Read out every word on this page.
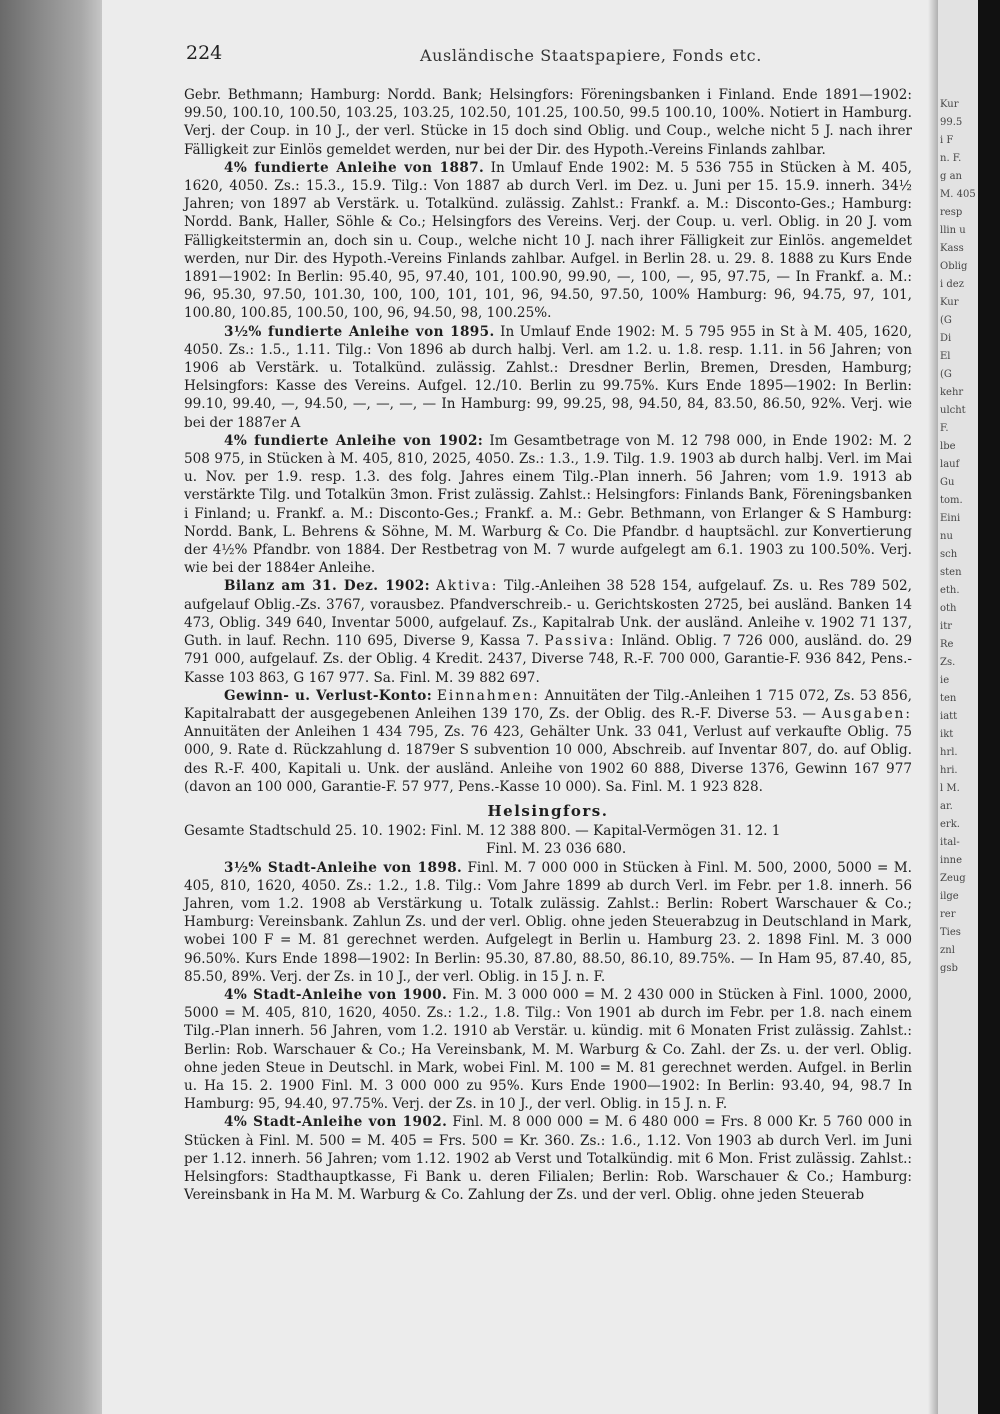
224	Ausländische Staatspapiere, Fonds etc.

Gebr. Bethmann; Hamburg: Nordd. Bank; Helsingfors: Föreningsbanken i Finland. Ende 1891—1902: 99.50, 100.10, 100.50, 103.25, 103.25, 102.50, 101.25, 100.50, 99.5 100.10, 100%. Notiert in Hamburg. Verj. der Coup. in 10 J., der verl. Stücke in 15 doch sind Oblig. und Coup., welche nicht 5 J. nach ihrer Fälligkeit zur Einlös gemeldet werden, nur bei der Dir. des Hypoth.-Vereins Finlands zahlbar.

4% fundierte Anleihe von 1887. In Umlauf Ende 1902: M. 5 536 755 in Stücken à M. 405, 1620, 4050. Zs.: 15.3., 15.9. Tilg.: Von 1887 ab durch Verl. im Dez. u. Juni per 15. 15.9. innerh. 34½ Jahren; von 1897 ab Verstärk. u. Totalkünd. zulässig. Zahlst.: Frankf. a. M.: Disconto-Ges.; Hamburg: Nordd. Bank, Haller, Söhle & Co.; Helsingfors des Vereins. Verj. der Coup. u. verl. Oblig. in 20 J. vom Fälligkeitstermin an, doch sin u. Coup., welche nicht 10 J. nach ihrer Fälligkeit zur Einlös. angemeldet werden, nur Dir. des Hypoth.-Vereins Finlands zahlbar. Aufgel. in Berlin 28. u. 29. 8. 1888 zu Kurs Ende 1891—1902: In Berlin: 95.40, 95, 97.40, 101, 100.90, 99.90, —, 100, —, 95, 97.75, — In Frankf. a. M.: 96, 95.30, 97.50, 101.30, 100, 100, 101, 101, 96, 94.50, 97.50, 100% Hamburg: 96, 94.75, 97, 101, 100.80, 100.85, 100.50, 100, 96, 94.50, 98, 100.25%.

3½% fundierte Anleihe von 1895. In Umlauf Ende 1902: M. 5 795 955 in St à M. 405, 1620, 4050. Zs.: 1.5., 1.11. Tilg.: Von 1896 ab durch halbj. Verl. am 1.2. u. 1.8. resp. 1.11. in 56 Jahren; von 1906 ab Verstärk. u. Totalkünd. zulässig. Zahlst.: Dresdner Berlin, Bremen, Dresden, Hamburg; Helsingfors: Kasse des Vereins. Aufgel. 12./10. Berlin zu 99.75%. Kurs Ende 1895—1902: In Berlin: 99.10, 99.40, —, 94.50, —, —, —, — In Hamburg: 99, 99.25, 98, 94.50, 84, 83.50, 86.50, 92%. Verj. wie bei der 1887er A

4% fundierte Anleihe von 1902: Im Gesamtbetrage von M. 12 798 000, in Ende 1902: M. 2 508 975, in Stücken à M. 405, 810, 2025, 4050. Zs.: 1.3., 1.9. Tilg. 1.9. 1903 ab durch halbj. Verl. im Mai u. Nov. per 1.9. resp. 1.3. des folg. Jahres einem Tilg.-Plan innerh. 56 Jahren; vom 1.9. 1913 ab verstärkte Tilg. und Totalkün 3mon. Frist zulässig. Zahlst.: Helsingfors: Finlands Bank, Föreningsbanken i Finland; u. Frankf. a. M.: Disconto-Ges.; Frankf. a. M.: Gebr. Bethmann, von Erlanger & S Hamburg: Nordd. Bank, L. Behrens & Söhne, M. M. Warburg & Co. Die Pfandbr. d hauptsächl. zur Konvertierung der 4½% Pfandbr. von 1884. Der Restbetrag von M. 7 wurde aufgelegt am 6.1. 1903 zu 100.50%. Verj. wie bei der 1884er Anleihe.

Bilanz am 31. Dez. 1902: Aktiva: Tilg.-Anleihen 38 528 154, aufgelauf. Zs. u. Res 789 502, aufgelauf Oblig.-Zs. 3767, vorausbez. Pfandverschreib.- u. Gerichtskosten 2725, bei ausländ. Banken 14 473, Oblig. 349 640, Inventar 5000, aufgelauf. Zs., Kapitalrab Unk. der ausländ. Anleihe v. 1902 71 137, Guth. in lauf. Rechn. 110 695, Diverse 9, Kassa 7. Passiva: Inländ. Oblig. 7 726 000, ausländ. do. 29 791 000, aufgelauf. Zs. der Oblig. 4 Kredit. 2437, Diverse 748, R.-F. 700 000, Garantie-F. 936 842, Pens.-Kasse 103 863, G 167 977. Sa. Finl. M. 39 882 697.

Gewinn- u. Verlust-Konto: Einnahmen: Annuitäten der Tilg.-Anleihen 1 715 072, Zs. 53 856, Kapitalrabatt der ausgegebenen Anleihen 139 170, Zs. der Oblig. des R.-F. Diverse 53. — Ausgaben: Annuitäten der Anleihen 1 434 795, Zs. 76 423, Gehälter Unk. 33 041, Verlust auf verkaufte Oblig. 75 000, 9. Rate d. Rückzahlung d. 1879er S subvention 10 000, Abschreib. auf Inventar 807, do. auf Oblig. des R.-F. 400, Kapitali u. Unk. der ausländ. Anleihe von 1902 60 888, Diverse 1376, Gewinn 167 977 (davon an 100 000, Garantie-F. 57 977, Pens.-Kasse 10 000). Sa. Finl. M. 1 923 828.

Helsingfors.

Gesamte Stadtschuld 25. 10. 1902: Finl. M. 12 388 800. — Kapital-Vermögen 31. 12. 1

Finl. M. 23 036 680.

3½% Stadt-Anleihe von 1898. Finl. M. 7 000 000 in Stücken à Finl. M. 500, 2000, 5000 = M. 405, 810, 1620, 4050. Zs.: 1.2., 1.8. Tilg.: Vom Jahre 1899 ab durch Verl. im Febr. per 1.8. innerh. 56 Jahren, vom 1.2. 1908 ab Verstärkung u. Totalk zulässig. Zahlst.: Berlin: Robert Warschauer & Co.; Hamburg: Vereinsbank. Zahlun Zs. und der verl. Oblig. ohne jeden Steuerabzug in Deutschland in Mark, wobei 100 F = M. 81 gerechnet werden. Aufgelegt in Berlin u. Hamburg 23. 2. 1898 Finl. M. 3 000 96.50%. Kurs Ende 1898—1902: In Berlin: 95.30, 87.80, 88.50, 86.10, 89.75%. — In Ham 95, 87.40, 85, 85.50, 89%. Verj. der Zs. in 10 J., der verl. Oblig. in 15 J. n. F.

4% Stadt-Anleihe von 1900. Fin. M. 3 000 000 = M. 2 430 000 in Stücken à Finl. 1000, 2000, 5000 = M. 405, 810, 1620, 4050. Zs.: 1.2., 1.8. Tilg.: Von 1901 ab durch im Febr. per 1.8. nach einem Tilg.-Plan innerh. 56 Jahren, vom 1.2. 1910 ab Verstär. u. kündig. mit 6 Monaten Frist zulässig. Zahlst.: Berlin: Rob. Warschauer & Co.; Ha Vereinsbank, M. M. Warburg & Co. Zahl. der Zs. u. der verl. Oblig. ohne jeden Steue in Deutschl. in Mark, wobei Finl. M. 100 = M. 81 gerechnet werden. Aufgel. in Berlin u. Ha 15. 2. 1900 Finl. M. 3 000 000 zu 95%. Kurs Ende 1900—1902: In Berlin: 93.40, 94, 98.7 In Hamburg: 95, 94.40, 97.75%. Verj. der Zs. in 10 J., der verl. Oblig. in 15 J. n. F.

4% Stadt-Anleihe von 1902. Finl. M. 8 000 000 = M. 6 480 000 = Frs. 8 000 Kr. 5 760 000 in Stücken à Finl. M. 500 = M. 405 = Frs. 500 = Kr. 360. Zs.: 1.6., 1.12. Von 1903 ab durch Verl. im Juni per 1.12. innerh. 56 Jahren; vom 1.12. 1902 ab Verst und Totalkündig. mit 6 Mon. Frist zulässig. Zahlst.: Helsingfors: Stadthauptkasse, Fi Bank u. deren Filialen; Berlin: Rob. Warschauer & Co.; Hamburg: Vereinsbank in Ha M. M. Warburg & Co. Zahlung der Zs. und der verl. Oblig. ohne jeden Steuerab

Kur
99.5
i F
n. F.
g an
M. 405
resp
llin u
Kass
Oblig
i dez
Kur
(G
Di
El
(G
kehr
ulcht
F.
lbe
lauf
Gu
tom.
Eini
nu
sch
sten
eth.
oth
itr
Re
Zs.
ie
ten
iatt
ikt
hrl.
hri.
l M.
ar.
erk.
ital-
inne
Zeug
ilge
rer
Ties
znl
gsb
